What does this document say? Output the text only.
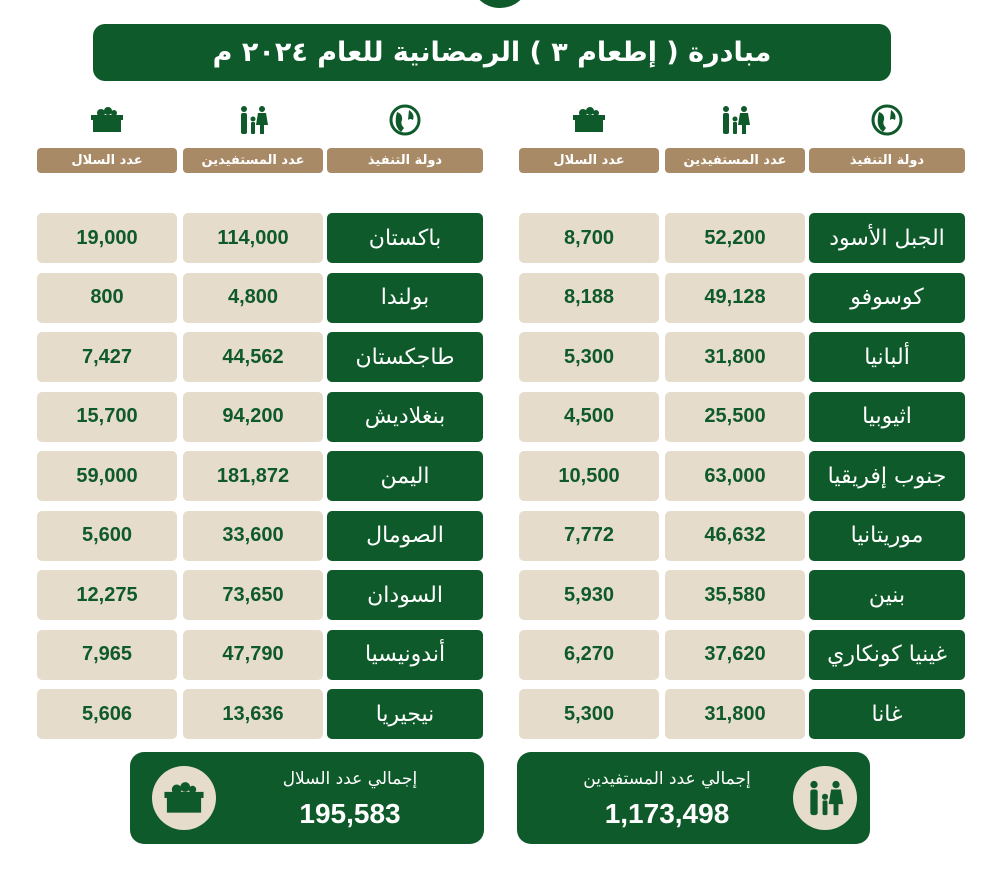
مبادرة ( إطعام ٣ ) الرمضانية للعام ٢٠٢٤ م
عدد السلال	عدد المستفيدين	دولة التنفيذ
8,700	52,200	الجبل الأسود
8,188	49,128	كوسوفو
5,300	31,800	ألبانيا
4,500	25,500	اثيوبيا
10,500	63,000	جنوب إفريقيا
7,772	46,632	موريتانيا
5,930	35,580	بنين
6,270	37,620	غينيا كونكاري
5,300	31,800	غانا
عدد السلال	عدد المستفيدين	دولة التنفيذ
19,000	114,000	باكستان
800	4,800	بولندا
7,427	44,562	طاجكستان
15,700	94,200	بنغلاديش
59,000	181,872	اليمن
5,600	33,600	الصومال
12,275	73,650	السودان
7,965	47,790	أندونيسيا
5,606	13,636	نيجيريا
إجمالي عدد المستفيدين
1,173,498
إجمالي عدد السلال
195,583
